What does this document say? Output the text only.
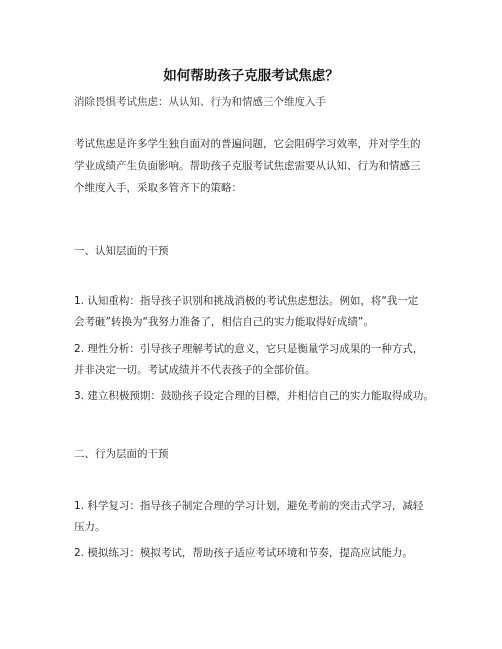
如何帮助孩子克服考试焦虑？
消除畏惧考试焦虑：从认知、行为和情感三个维度入手
考试焦虑是许多学生独自面对的普遍问题，它会阻碍学习效率，并对学生的
学业成绩产生负面影响。帮助孩子克服考试焦虑需要从认知、行为和情感三
个维度入手，采取多管齐下的策略：
一、认知层面的干预
1. 认知重构：指导孩子识别和挑战消极的考试焦虑想法。例如，将“我一定
会考砸”转换为“我努力准备了，相信自己的实力能取得好成绩”。
2. 理性分析：引导孩子理解考试的意义，它只是衡量学习成果的一种方式，
并非决定一切。考试成绩并不代表孩子的全部价值。
3. 建立积极预期：鼓励孩子设定合理的目標，并相信自己的实力能取得成功。
二、行为层面的干预
1. 科学复习：指导孩子制定合理的学习计划，避免考前的突击式学习，减轻
压力。
2. 模拟练习：模拟考试，帮助孩子适应考试环境和节奏，提高应试能力。
